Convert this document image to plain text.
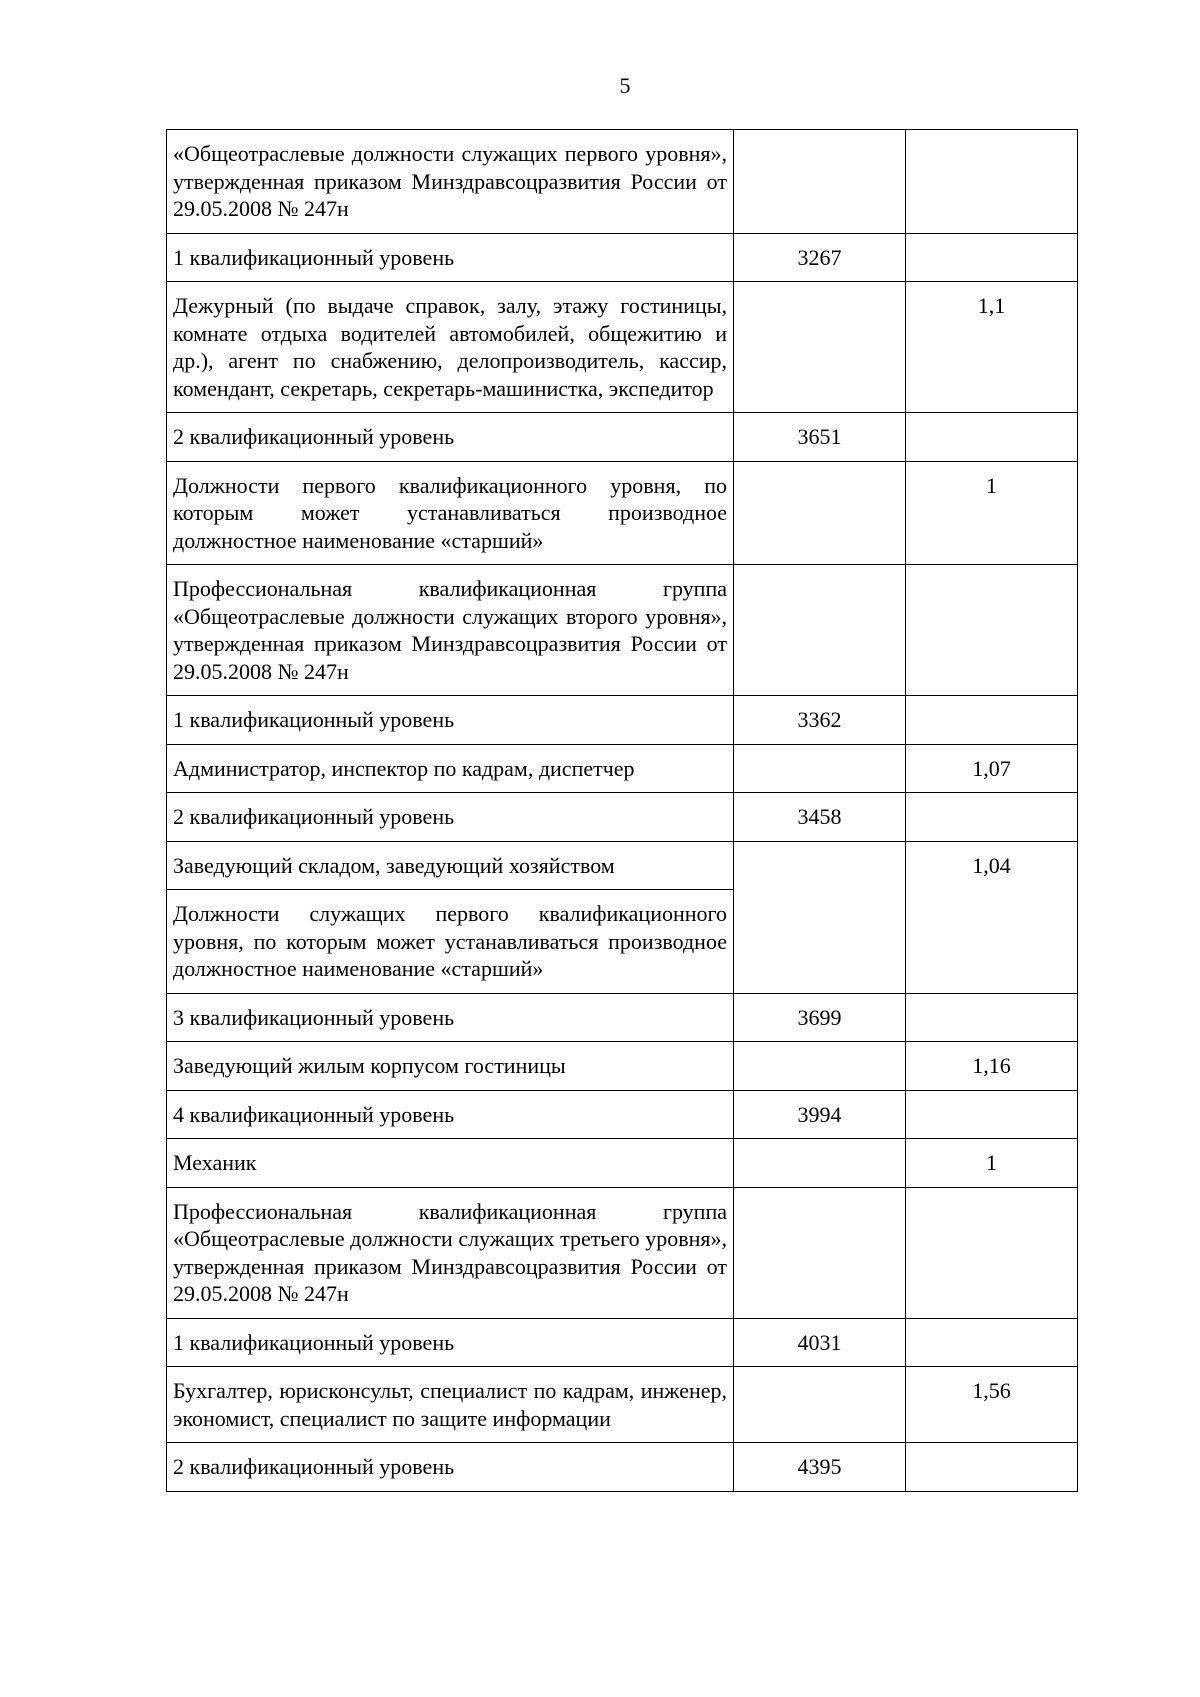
5
«Общеотраслевые должности служащих первого уровня», утвержденная приказом Минздравсоцразвития России от 29.05.2008 № 247н		
1 квалификационный уровень	3267	
Дежурный (по выдаче справок, залу, этажу гостиницы, комнате отдыха водителей автомобилей, общежитию и др.), агент по снабжению, делопроизводитель, кассир, комендант, секретарь, секретарь-машинистка, экспедитор		1,1
2 квалификационный уровень	3651	
Должности первого квалификационного уровня, по которым может устанавливаться производное должностное наименование «старший»		1
Профессиональная квалификационная группа «Общеотраслевые должности служащих второго уровня», утвержденная приказом Минздравсоцразвития России от 29.05.2008 № 247н		
1 квалификационный уровень	3362	
Администратор, инспектор по кадрам, диспетчер		1,07
2 квалификационный уровень	3458	
Заведующий складом, заведующий хозяйством		1,04
Должности служащих первого квалификационного уровня, по которым может устанавливаться производное должностное наименование «старший»		
3 квалификационный уровень	3699	
Заведующий жилым корпусом гостиницы		1,16
4 квалификационный уровень	3994	
Механик		1
Профессиональная квалификационная группа «Общеотраслевые должности служащих третьего уровня», утвержденная приказом Минздравсоцразвития России от 29.05.2008 № 247н		
1 квалификационный уровень	4031	
Бухгалтер, юрисконсульт, специалист по кадрам, инженер, экономист, специалист по защите информации		1,56
2 квалификационный уровень	4395	
